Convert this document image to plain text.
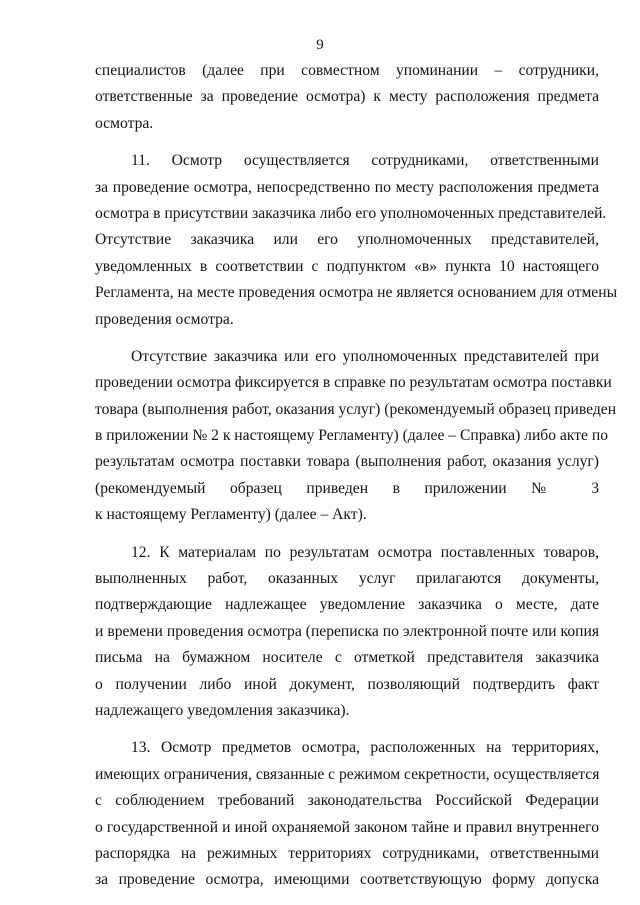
9
специалистов (далее при совместном упоминании – сотрудники,
ответственные за проведение осмотра) к месту расположения предмета
осмотра.
11. Осмотр осуществляется сотрудниками, ответственными
за проведение осмотра, непосредственно по месту расположения предмета
осмотра в присутствии заказчика либо его уполномоченных представителей.
Отсутствие заказчика или его уполномоченных представителей,
уведомленных в соответствии с подпунктом «в» пункта 10 настоящего
Регламента, на месте проведения осмотра не является основанием для отмены
проведения осмотра.
Отсутствие заказчика или его уполномоченных представителей при
проведении осмотра фиксируется в справке по результатам осмотра поставки
товара (выполнения работ, оказания услуг) (рекомендуемый образец приведен
в приложении № 2 к настоящему Регламенту) (далее – Справка) либо акте по
результатам осмотра поставки товара (выполнения работ, оказания услуг)
(рекомендуемый образец приведен в приложении № 3
к настоящему Регламенту) (далее – Акт).
12. К материалам по результатам осмотра поставленных товаров,
выполненных работ, оказанных услуг прилагаются документы,
подтверждающие надлежащее уведомление заказчика о месте, дате
и времени проведения осмотра (переписка по электронной почте или копия
письма на бумажном носителе с отметкой представителя заказчика
о получении либо иной документ, позволяющий подтвердить факт
надлежащего уведомления заказчика).
13. Осмотр предметов осмотра, расположенных на территориях,
имеющих ограничения, связанные с режимом секретности, осуществляется
с соблюдением требований законодательства Российской Федерации
о государственной и иной охраняемой законом тайне и правил внутреннего
распорядка на режимных территориях сотрудниками, ответственными
за проведение осмотра, имеющими соответствующую форму допуска
